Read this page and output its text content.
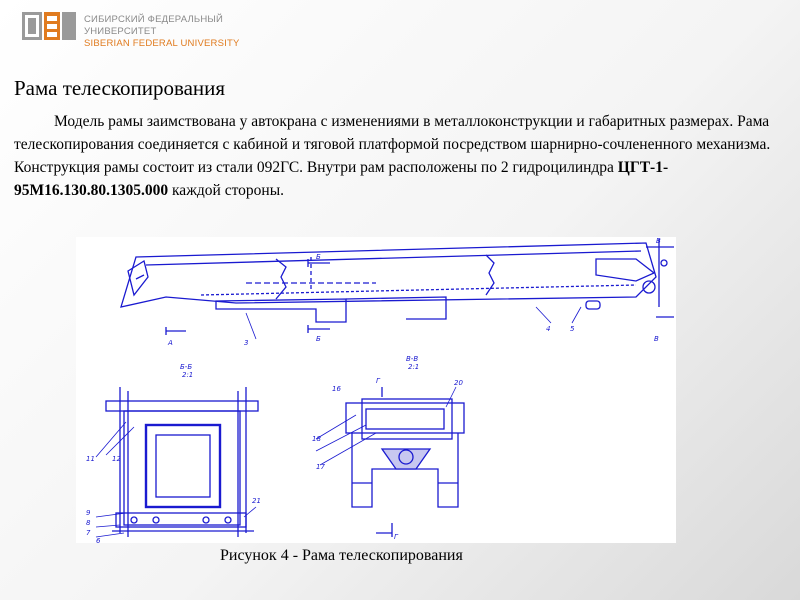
СИБИРСКИЙ ФЕДЕРАЛЬНЫЙ УНИВЕРСИТЕТ
SIBERIAN FEDERAL UNIVERSITY
Рама телескопирования

Модель рамы заимствована у автокрана с изменениями в металлоконструкции и габаритных размерах. Рама телескопирования соединяется с кабиной и тяговой платформой посредством шарнирно-сочлененного механизма. Конструкция рамы состоит из стали 092ГС. Внутри рам расположены по 2 гидроцилиндра ЦГТ-1-95М16.130.80.1305.000 каждой стороны.

А	Б
Б
В
В
3
4	5
Б-Б
2:1
В-В
2:1
11 12
21
9
8
7
6
Г
Г
16
20
18
17
Рисунок 4 - Рама телескопирования
